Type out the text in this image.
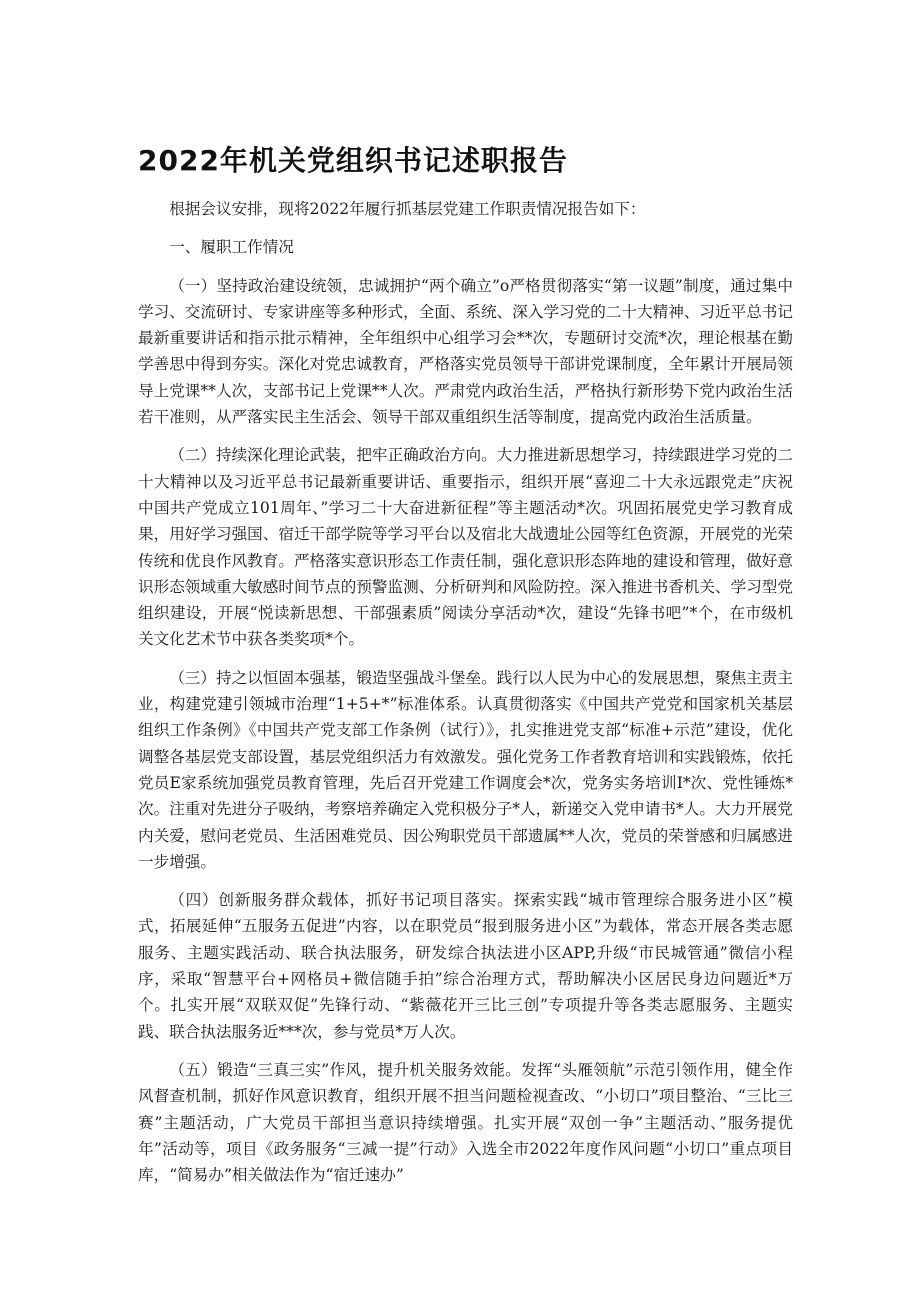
2022年机关党组织书记述职报告

根据会议安排，现将2022年履行抓基层党建工作职责情况报告如下：

一、履职工作情况

（一）坚持政治建设统领，忠诚拥护“两个确立”o严格贯彻落实“第一议题”制度，通过集中学习、交流研讨、专家讲座等多种形式，全面、系统、深入学习党的二十大精神、习近平总书记最新重要讲话和指示批示精神，全年组织中心组学习会**次，专题研讨交流*次，理论根基在勤学善思中得到夯实。深化对党忠诚教育，严格落实党员领导干部讲党课制度，全年累计开展局领导上党课**人次，支部书记上党课**人次。严肃党内政治生活，严格执行新形势下党内政治生活若干准则，从严落实民主生活会、领导干部双重组织生活等制度，提高党内政治生活质量。

（二）持续深化理论武装，把牢正确政治方向。大力推进新思想学习，持续跟进学习党的二十大精神以及习近平总书记最新重要讲话、重要指示，组织开展“喜迎二十大永远跟党走”庆祝中国共产党成立101周年、”学习二十大奋进新征程”等主题活动*次。巩固拓展党史学习教育成果，用好学习强国、宿迁干部学院等学习平台以及宿北大战遗址公园等红色资源，开展党的光荣传统和优良作风教育。严格落实意识形态工作责任制，强化意识形态阵地的建设和管理，做好意识形态领域重大敏感时间节点的预警监测、分析研判和风险防控。深入推进书香机关、学习型党组织建设，开展“悦读新思想、干部强素质”阅读分享活动*次，建设“先锋书吧”*个，在市级机关文化艺术节中获各类奖项*个。

（三）持之以恒固本强基，锻造坚强战斗堡垒。践行以人民为中心的发展思想，聚焦主责主业，构建党建引领城市治理“1+5+*”标准体系。认真贯彻落实《中国共产党党和国家机关基层组织工作条例》《中国共产党支部工作条例（试行）》，扎实推进党支部“标准+示范”建设，优化调整各基层党支部设置，基层党组织活力有效激发。强化党务工作者教育培训和实践锻炼，依托党员E家系统加强党员教育管理，先后召开党建工作调度会*次，党务实务培训I*次、党性锤炼*次。注重对先进分子吸纳，考察培养确定入党积极分子*人，新递交入党申请书*人。大力开展党内关爱，慰问老党员、生活困难党员、因公殉职党员干部遗属**人次，党员的荣誉感和归属感进一步增强。

（四）创新服务群众载体，抓好书记项目落实。探索实践“城市管理综合服务进小区”模式，拓展延伸“五服务五促进”内容，以在职党员“报到服务进小区”为载体，常态开展各类志愿服务、主题实践活动、联合执法服务，研发综合执法进小区APP,升级“市民城管通”微信小程序，采取“智慧平台+网格员+微信随手拍”综合治理方式，帮助解决小区居民身边问题近*万个。扎实开展“双联双促”先锋行动、“紫薇花开三比三创”专项提升等各类志愿服务、主题实践、联合执法服务近***次，参与党员*万人次。

（五）锻造“三真三实”作风，提升机关服务效能。发挥“头雁领航”示范引领作用，健全作风督查机制，抓好作风意识教育，组织开展不担当问题检视查改、“小切口”项目整治、“三比三赛”主题活动，广大党员干部担当意识持续增强。扎实开展“双创一争”主题活动、”服务提优年”活动等，项目《政务服务“三减一提”行动》入选全市2022年度作风问题“小切口”重点项目库，“简易办”相关做法作为“宿迁速办”
